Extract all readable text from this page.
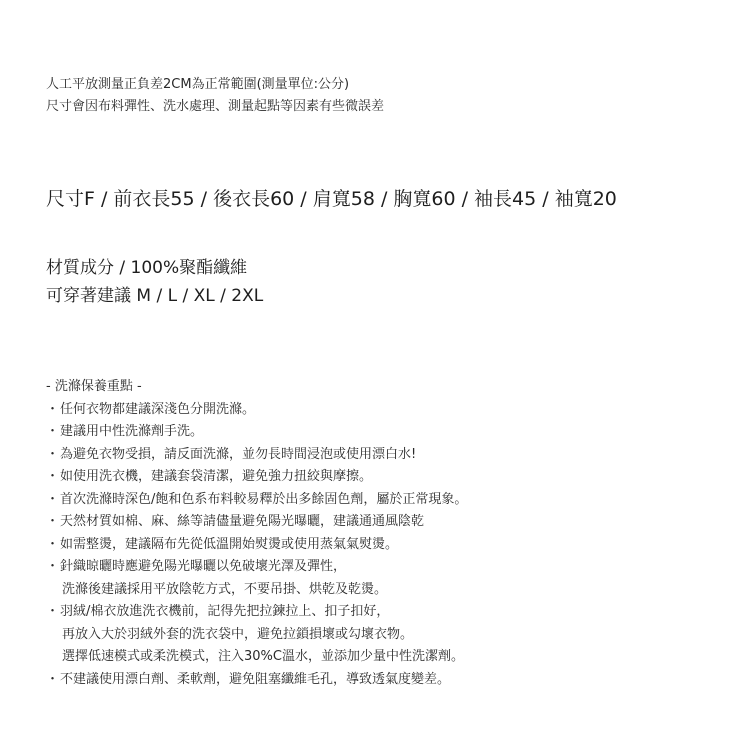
人工平放測量正負差2CM為正常範圍(測量單位:公分)
尺寸會因布料彈性、洗水處理、測量起點等因素有些微誤差
尺寸F / 前衣長55 / 後衣長60 / 肩寬58 / 胸寬60 / 袖長45 / 袖寬20
材質成分 / 100%聚酯纖維
可穿著建議 M / L / XL / 2XL
- 洗滌保養重點 -
・任何衣物都建議深淺色分開洗滌。
・建議用中性洗滌劑手洗。
・為避免衣物受損，請反面洗滌，並勿長時間浸泡或使用漂白水!
・如使用洗衣機，建議套袋清潔，避免強力扭絞與摩擦。
・首次洗滌時深色/飽和色系布料較易釋於出多餘固色劑，屬於正常現象。
・天然材質如棉、麻、絲等請儘量避免陽光曝曬，建議通通風陰乾
・如需整燙，建議隔布先從低溫開始熨燙或使用蒸氣氣熨燙。
・針織晾曬時應避免陽光曝曬以免破壞光澤及彈性，
洗滌後建議採用平放陰乾方式，不要吊掛、烘乾及乾燙。
・羽絨/棉衣放進洗衣機前，記得先把拉鍊拉上、扣子扣好，
再放入大於羽絨外套的洗衣袋中，避免拉鎖損壞或勾壞衣物。
選擇低速模式或柔洗模式，注入30%C溫水，並添加少量中性洗潔劑。
・不建議使用漂白劑、柔軟劑，避免阻塞纖維毛孔，導致透氣度變差。
